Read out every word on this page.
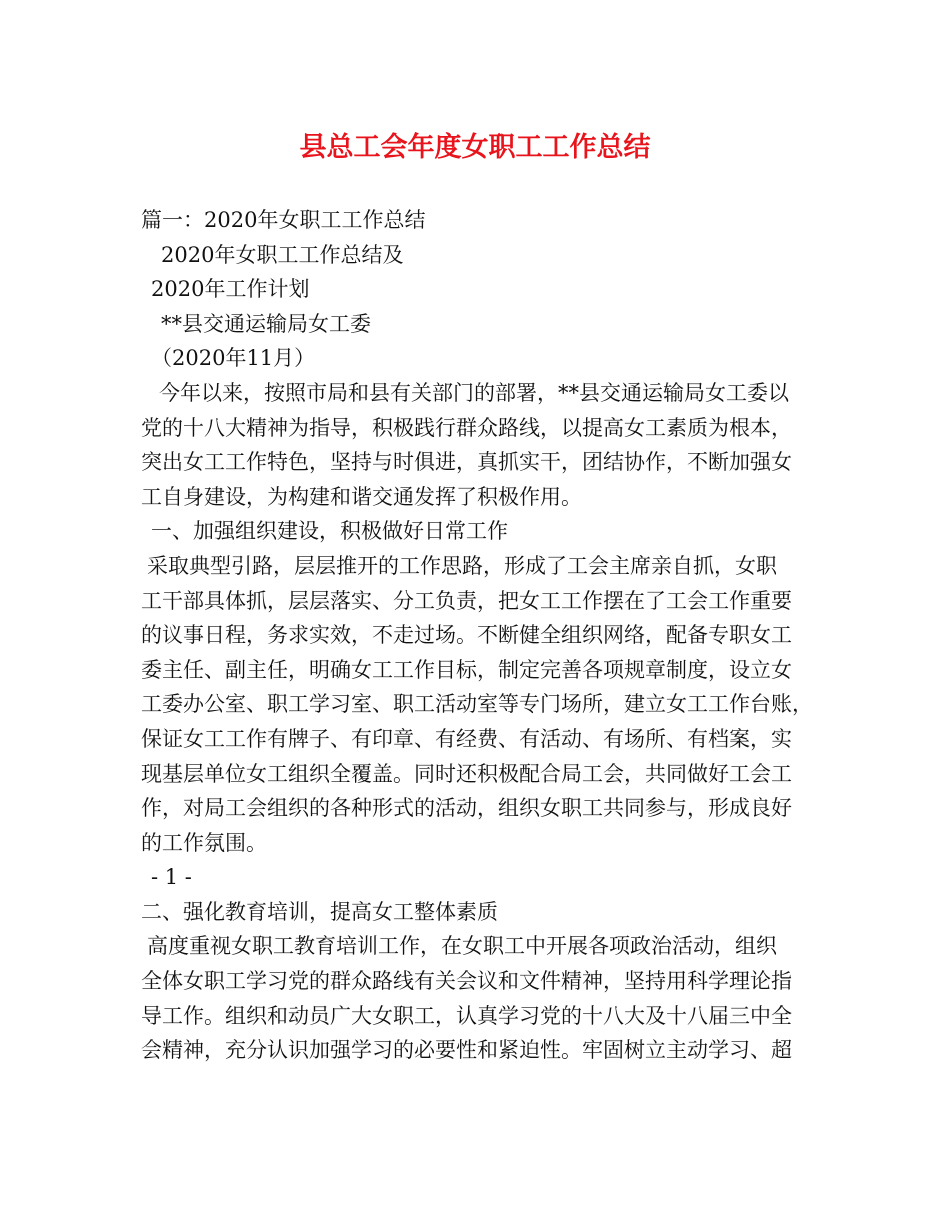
县总工会年度女职工工作总结
篇一：2020年女职工工作总结
2020年女职工工作总结及
2020年工作计划
**县交通运输局女工委
（2020年11月）
今年以来，按照市局和县有关部门的部署，**县交通运输局女工委以
党的十八大精神为指导，积极践行群众路线，以提高女工素质为根本，
突出女工工作特色，坚持与时俱进，真抓实干，团结协作，不断加强女
工自身建设，为构建和谐交通发挥了积极作用。
一、加强组织建设，积极做好日常工作
采取典型引路，层层推开的工作思路，形成了工会主席亲自抓，女职
工干部具体抓，层层落实、分工负责，把女工工作摆在了工会工作重要
的议事日程，务求实效，不走过场。不断健全组织网络，配备专职女工
委主任、副主任，明确女工工作目标，制定完善各项规章制度，设立女
工委办公室、职工学习室、职工活动室等专门场所，建立女工工作台账，
保证女工工作有牌子、有印章、有经费、有活动、有场所、有档案，实
现基层单位女工组织全覆盖。同时还积极配合局工会，共同做好工会工
作，对局工会组织的各种形式的活动，组织女职工共同参与，形成良好
的工作氛围。
- 1 -
二、强化教育培训，提高女工整体素质
高度重视女职工教育培训工作，在女职工中开展各项政治活动，组织
全体女职工学习党的群众路线有关会议和文件精神，坚持用科学理论指
导工作。组织和动员广大女职工，认真学习党的十八大及十八届三中全
会精神，充分认识加强学习的必要性和紧迫性。牢固树立主动学习、超
